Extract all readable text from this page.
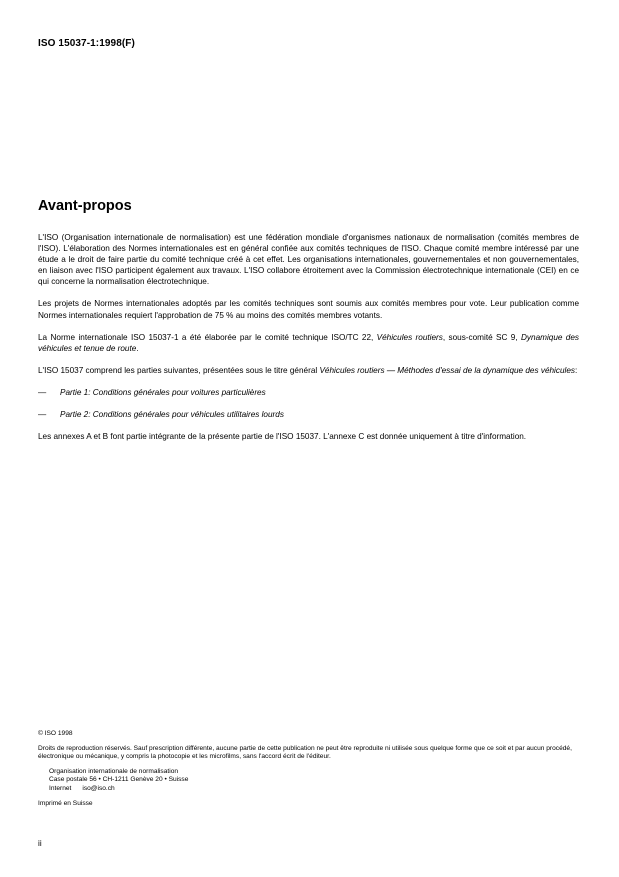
ISO 15037-1:1998(F)
Avant-propos

L'ISO (Organisation internationale de normalisation) est une fédération mondiale d'organismes nationaux de normalisation (comités membres de l'ISO). L'élaboration des Normes internationales est en général confiée aux comités techniques de l'ISO. Chaque comité membre intéressé par une étude a le droit de faire partie du comité technique créé à cet effet. Les organisations internationales, gouvernementales et non gouvernementales, en liaison avec l'ISO participent également aux travaux. L'ISO collabore étroitement avec la Commission électrotechnique internationale (CEI) en ce qui concerne la normalisation électrotechnique.

Les projets de Normes internationales adoptés par les comités techniques sont soumis aux comités membres pour vote. Leur publication comme Normes internationales requiert l'approbation de 75 % au moins des comités membres votants.

La Norme internationale ISO 15037-1 a été élaborée par le comité technique ISO/TC 22, Véhicules routiers, sous-comité SC 9, Dynamique des véhicules et tenue de route.

L'ISO 15037 comprend les parties suivantes, présentées sous le titre général Véhicules routiers — Méthodes d'essai de la dynamique des véhicules:

— Partie 1: Conditions générales pour voitures particulières

— Partie 2: Conditions générales pour véhicules utilitaires lourds

Les annexes A et B font partie intégrante de la présente partie de l'ISO 15037. L'annexe C est donnée uniquement à titre d'information.

© ISO 1998

Droits de reproduction réservés. Sauf prescription différente, aucune partie de cette publication ne peut être reproduite ni utilisée sous quelque forme que ce soit et par aucun procédé, électronique ou mécanique, y compris la photocopie et les microfilms, sans l'accord écrit de l'éditeur.

Organisation internationale de normalisation

Case postale 56 • CH-1211 Genève 20 • Suisse

Internet      iso@iso.ch

Imprimé en Suisse

ii
